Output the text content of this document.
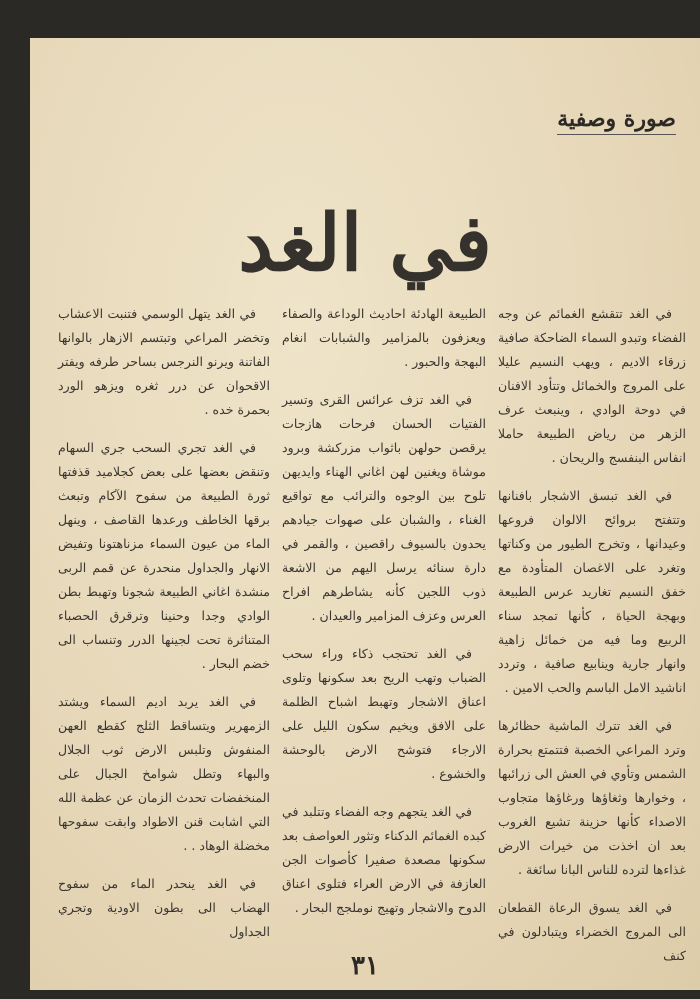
صورة وصفية
في الغد

في الغد تتقشع الغمائم عن وجه الفضاء وتبدو السماء الضاحكة صافية زرقاء الاديم ، ويهب النسيم عليلا على المروج والخمائل وتتأود الافنان في دوحة الوادي ، وينبعث عرف الزهر من رياض الطبيعة حاملا انفاس البنفسج والريحان .

في الغد تبسق الاشجار بافنانها وتتفتح بروائح الالوان فروعها وعيدانها ، وتخرج الطيور من وكناتها وتغرد على الاغصان المتأودة مع خفق النسيم تغاريد عرس الطبيعة وبهجة الحياة ، كأنها تمجد سناء الربيع وما فيه من خمائل زاهية وانهار جارية وينابيع صافية ، وتردد اناشيد الامل الباسم والحب الامين .

في الغد تترك الماشية حظائرها وترد المراعي الخصبة فتتمتع بحرارة الشمس وتأوي في العش الى زرائبها ، وخوارها وثغاؤها ورغاؤها متجاوب الاصداء كأنها حزينة تشيع الغروب بعد ان اخذت من خيرات الارض غذاءها لترده للناس البانا سائغة .

في الغد يسوق الرعاة القطعان الى المروج الخضراء ويتبادلون في كنف

الطبيعة الهادئة احاديث الوداعة والصفاء ويعزفون بالمزامير والشبابات انغام البهجة والحبور .

في الغد تزف عرائس القرى وتسير الفتيات الحسان فرحات هازجات يرقصن حولهن باثواب مزركشة وبرود موشاة ويغنين لهن اغاني الهناء وايديهن تلوح بين الوجوه والترائب مع تواقيع الغناء ، والشبان على صهوات جيادهم يحدون بالسيوف راقصين ، والقمر في دارة سنائه يرسل اليهم من الاشعة ذوب اللجين كأنه يشاطرهم افراح العرس وعزف المزامير والعيدان .

في الغد تحتجب ذكاء وراء سحب الضباب وتهب الريح بعد سكونها وتلوى اعناق الاشجار وتهبط اشباح الظلمة على الافق ويخيم سكون الليل على الارجاء فتوشح الارض بالوحشة والخشوع .

في الغد يتجهم وجه الفضاء وتتلبد في كبده الغمائم الدكناء وتثور العواصف بعد سكونها مصعدة صفيرا كأصوات الجن العازفة في الارض العراء فتلوى اعناق الدوح والاشجار وتهيج نوملجج البحار .

في الغد يتهل الوسمي فتنبت الاعشاب وتخضر المراعي وتبتسم الازهار بالوانها الفاتنة ويرنو النرجس بساحر طرفه ويفتر الاقحوان عن درر ثغره ويزهو الورد بحمرة خده .

في الغد تجري السحب جري السهام وتنقض بعضها على بعض كجلاميد قذفتها ثورة الطبيعة من سفوح الآكام وتبعث برقها الخاطف ورعدها القاصف ، وينهل الماء من عيون السماء مزناهتونا وتفيض الانهار والجداول منحدرة عن قمم الربى منشدة اغاني الطبيعة شجونا وتهبط بطن الوادي وجدا وحنينا وترقرق الحصباء المتناثرة تحت لجينها الدرر وتنساب الى خضم البحار .

في الغد يربد اديم السماء ويشتد الزمهرير ويتساقط الثلج كقطع العهن المنفوش وتلبس الارض ثوب الجلال والبهاء وتطل شوامخ الجبال على المنخفضات تحدث الزمان عن عظمة الله التي اشابت قنن الاطواد وابقت سفوحها مخضلة الوهاد . .

في الغد ينحدر الماء من سفوح الهضاب الى بطون الاودية وتجري الجداول

٣١
